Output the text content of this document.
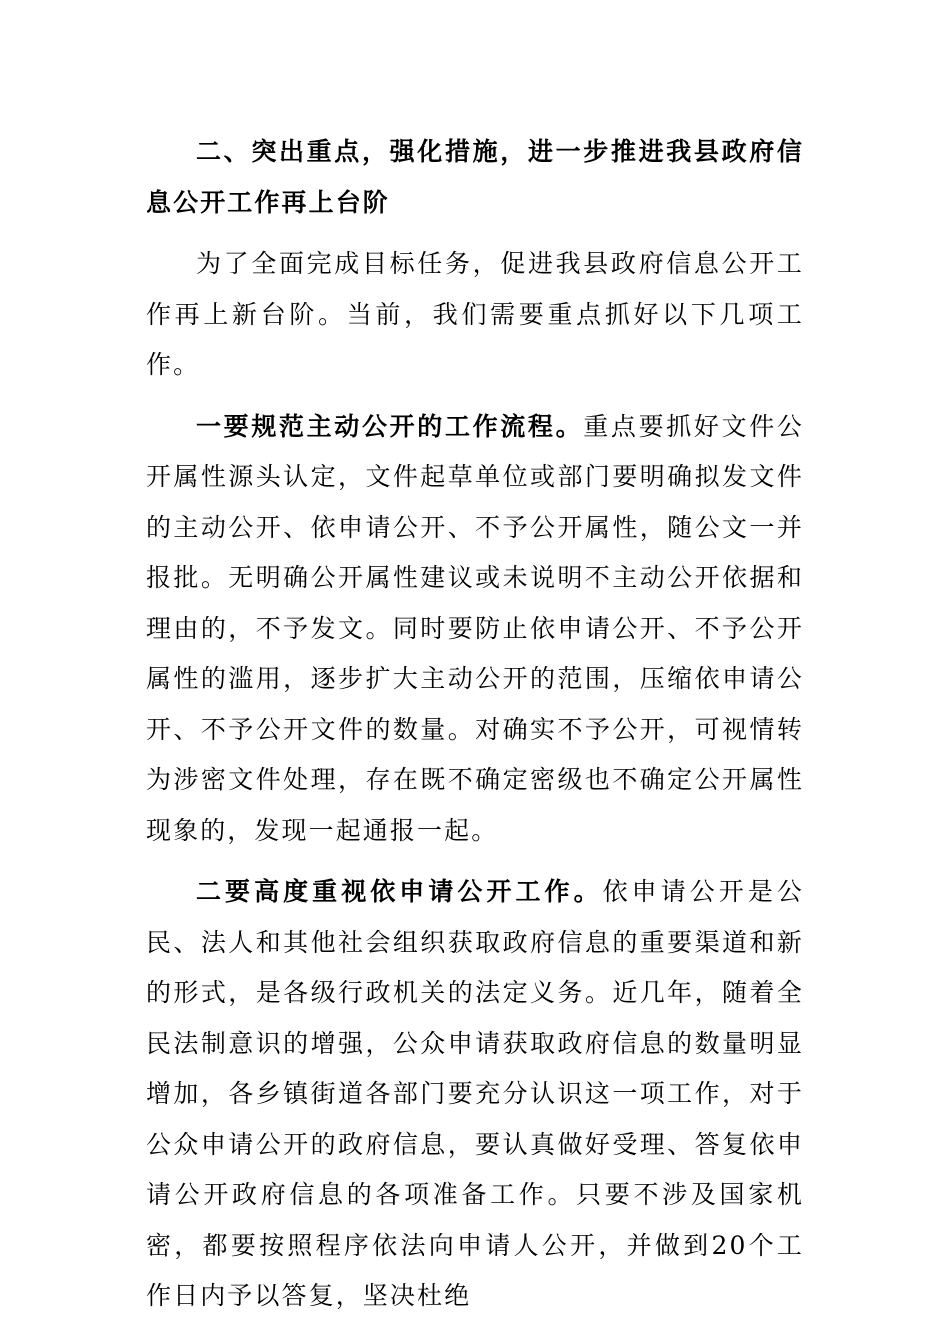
二、突出重点，强化措施，进一步推进我县政府信息公开工作再上台阶

为了全面完成目标任务，促进我县政府信息公开工作再上新台阶。当前，我们需要重点抓好以下几项工作。

一要规范主动公开的工作流程。重点要抓好文件公开属性源头认定，文件起草单位或部门要明确拟发文件的主动公开、依申请公开、不予公开属性，随公文一并报批。无明确公开属性建议或未说明不主动公开依据和理由的，不予发文。同时要防止依申请公开、不予公开属性的滥用，逐步扩大主动公开的范围，压缩依申请公开、不予公开文件的数量。对确实不予公开，可视情转为涉密文件处理，存在既不确定密级也不确定公开属性现象的，发现一起通报一起。

二要高度重视依申请公开工作。依申请公开是公民、法人和其他社会组织获取政府信息的重要渠道和新的形式，是各级行政机关的法定义务。近几年，随着全民法制意识的增强，公众申请获取政府信息的数量明显增加，各乡镇街道各部门要充分认识这一项工作，对于公众申请公开的政府信息，要认真做好受理、答复依申请公开政府信息的各项准备工作。只要不涉及国家机密，都要按照程序依法向申请人公开，并做到20个工作日内予以答复，坚决杜绝
